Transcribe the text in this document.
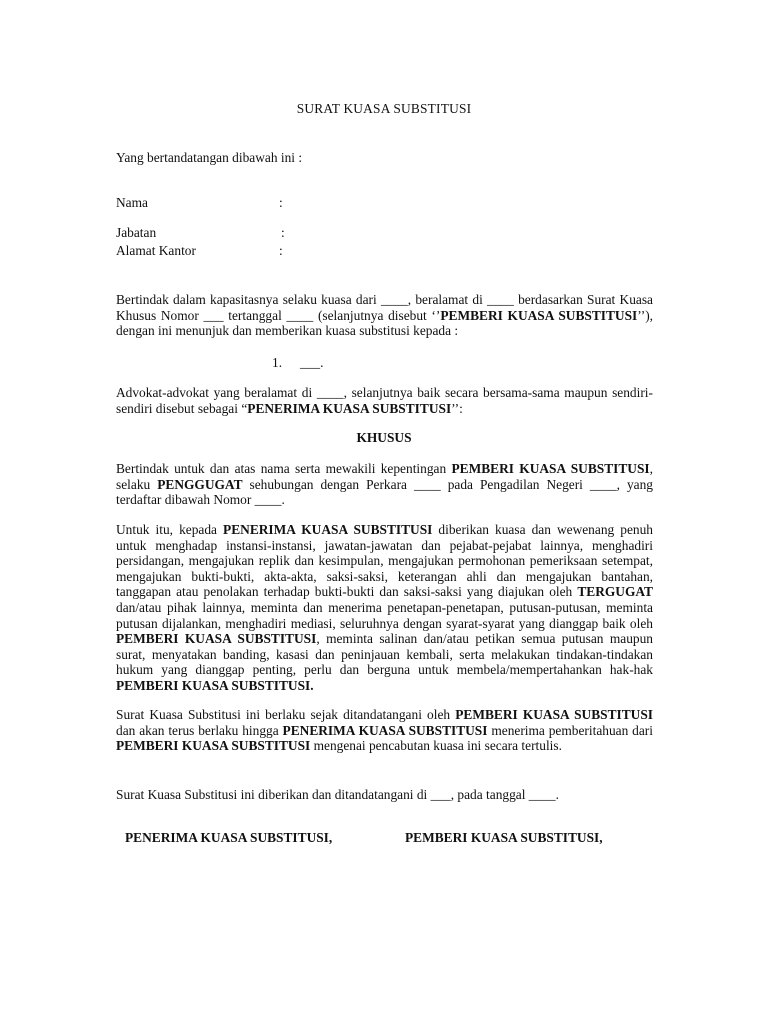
SURAT KUASA SUBSTITUSI
Yang bertandatangan dibawah ini :
Nama	:
Jabatan	:
Alamat Kantor	:
Bertindak dalam kapasitasnya selaku kuasa dari ____, beralamat di ____ berdasarkan Surat Kuasa Khusus Nomor ___ tertanggal ____ (selanjutnya disebut ‘’PEMBERI KUASA SUBSTITUSI’’), dengan ini menunjuk dan memberikan kuasa substitusi kepada :
1. ___.
Advokat-advokat yang beralamat di ____, selanjutnya baik secara bersama-sama maupun sendiri-sendiri disebut sebagai “PENERIMA KUASA SUBSTITUSI’’:
KHUSUS
Bertindak untuk dan atas nama serta mewakili kepentingan PEMBERI KUASA SUBSTITUSI, selaku PENGGUGAT sehubungan dengan Perkara ____ pada Pengadilan Negeri ____, yang terdaftar dibawah Nomor ____.
Untuk itu, kepada PENERIMA KUASA SUBSTITUSI diberikan kuasa dan wewenang penuh untuk menghadap instansi-instansi, jawatan-jawatan dan pejabat-pejabat lainnya, menghadiri persidangan, mengajukan replik dan kesimpulan, mengajukan permohonan pemeriksaan setempat, mengajukan bukti-bukti, akta-akta, saksi-saksi, keterangan ahli dan mengajukan bantahan, tanggapan atau penolakan terhadap bukti-bukti dan saksi-saksi yang diajukan oleh TERGUGAT dan/atau pihak lainnya, meminta dan menerima penetapan-penetapan, putusan-putusan, meminta putusan dijalankan, menghadiri mediasi, seluruhnya dengan syarat-syarat yang dianggap baik oleh PEMBERI KUASA SUBSTITUSI, meminta salinan dan/atau petikan semua putusan maupun surat, menyatakan banding, kasasi dan peninjauan kembali, serta melakukan tindakan-tindakan hukum yang dianggap penting, perlu dan berguna untuk membela/mempertahankan hak-hak PEMBERI KUASA SUBSTITUSI.
Surat Kuasa Substitusi ini berlaku sejak ditandatangani oleh PEMBERI KUASA SUBSTITUSI dan akan terus berlaku hingga PENERIMA KUASA SUBSTITUSI menerima pemberitahuan dari PEMBERI KUASA SUBSTITUSI mengenai pencabutan kuasa ini secara tertulis.
Surat Kuasa Substitusi ini diberikan dan ditandatangani di ___, pada tanggal ____.
PENERIMA KUASA SUBSTITUSI,	PEMBERI KUASA SUBSTITUSI,
